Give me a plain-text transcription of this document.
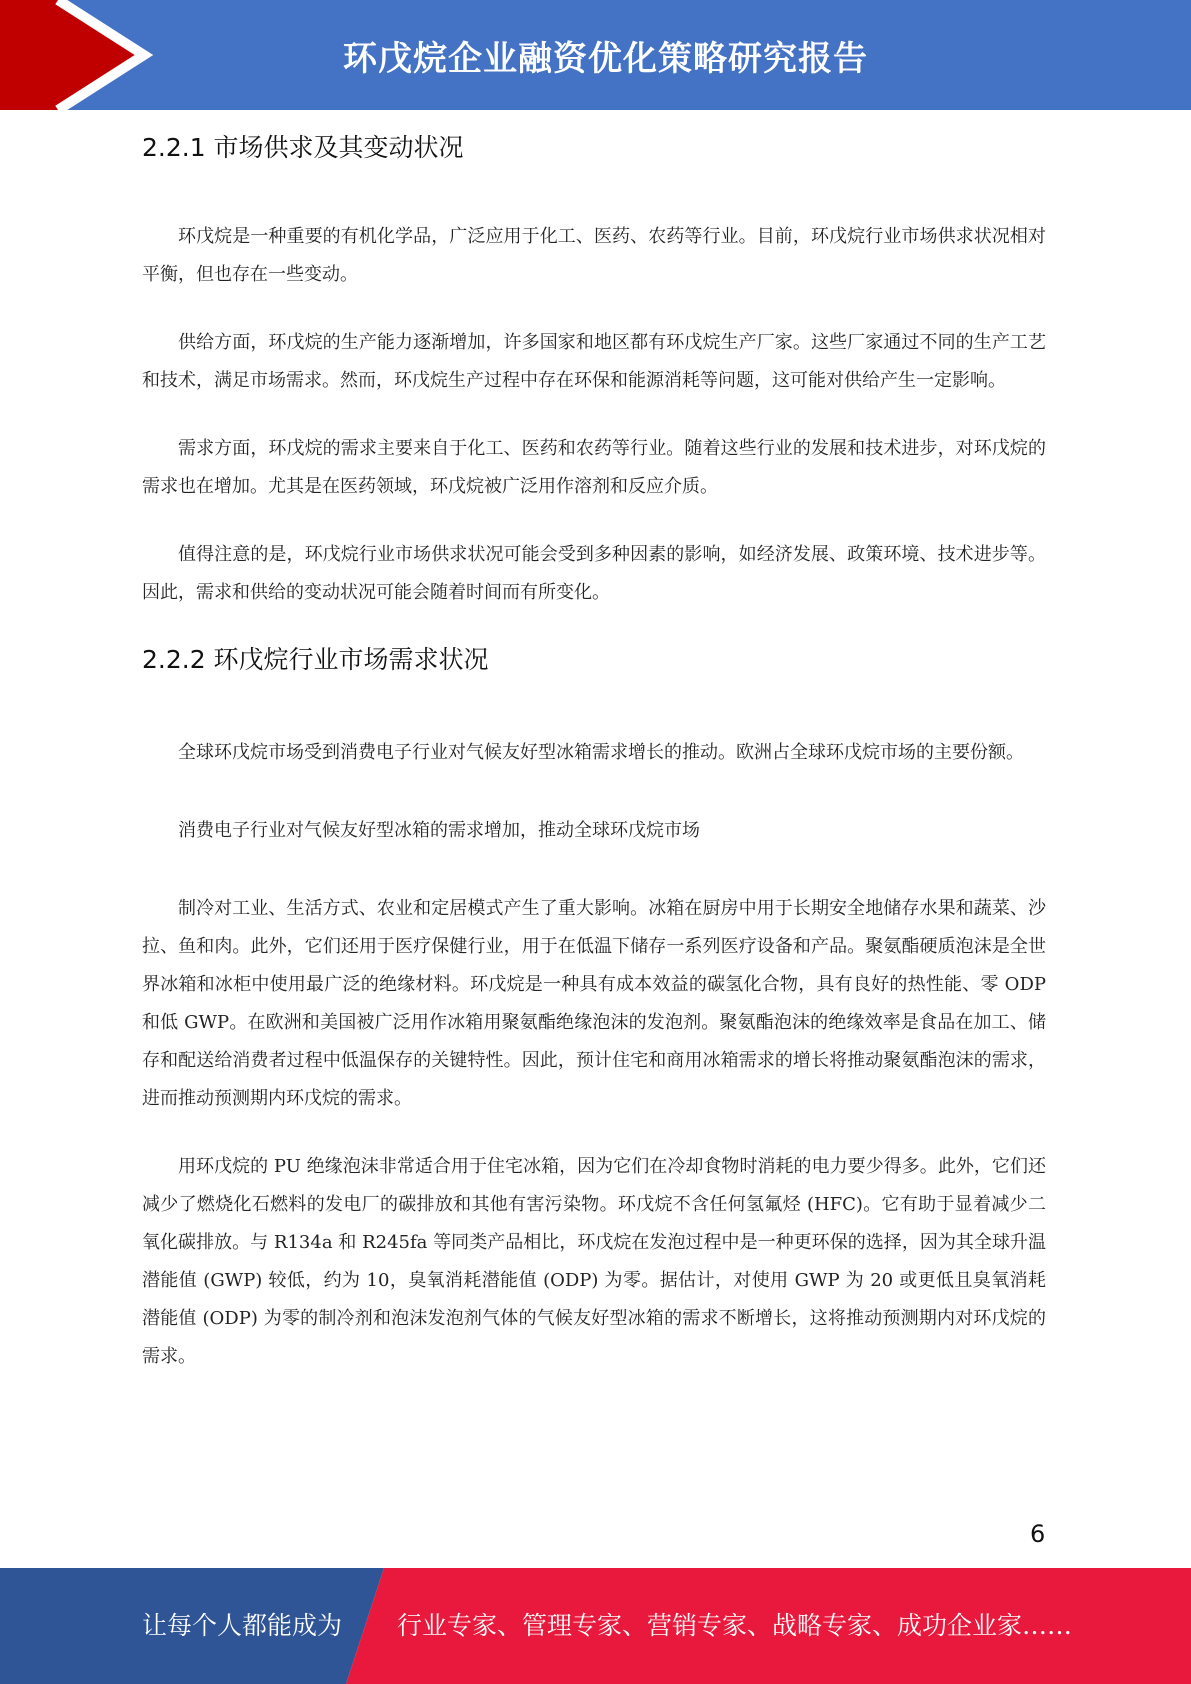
环戊烷企业融资优化策略研究报告
2.2.1 市场供求及其变动状况

环戊烷是一种重要的有机化学品，广泛应用于化工、医药、农药等行业。目前，环戊烷行业市场供求状况相对平衡，但也存在一些变动。

供给方面，环戊烷的生产能力逐渐增加，许多国家和地区都有环戊烷生产厂家。这些厂家通过不同的生产工艺和技术，满足市场需求。然而，环戊烷生产过程中存在环保和能源消耗等问题，这可能对供给产生一定影响。

需求方面，环戊烷的需求主要来自于化工、医药和农药等行业。随着这些行业的发展和技术进步，对环戊烷的需求也在增加。尤其是在医药领域，环戊烷被广泛用作溶剂和反应介质。

值得注意的是，环戊烷行业市场供求状况可能会受到多种因素的影响，如经济发展、政策环境、技术进步等。因此，需求和供给的变动状况可能会随着时间而有所变化。

2.2.2 环戊烷行业市场需求状况

全球环戊烷市场受到消费电子行业对气候友好型冰箱需求增长的推动。欧洲占全球环戊烷市场的主要份额。

消费电子行业对气候友好型冰箱的需求增加，推动全球环戊烷市场

制冷对工业、生活方式、农业和定居模式产生了重大影响。冰箱在厨房中用于长期安全地储存水果和蔬菜、沙拉、鱼和肉。此外，它们还用于医疗保健行业，用于在低温下储存一系列医疗设备和产品。聚氨酯硬质泡沫是全世界冰箱和冰柜中使用最广泛的绝缘材料。环戊烷是一种具有成本效益的碳氢化合物，具有良好的热性能、零 ODP 和低 GWP。在欧洲和美国被广泛用作冰箱用聚氨酯绝缘泡沫的发泡剂。聚氨酯泡沫的绝缘效率是食品在加工、储存和配送给消费者过程中低温保存的关键特性。因此，预计住宅和商用冰箱需求的增长将推动聚氨酯泡沫的需求，进而推动预测期内环戊烷的需求。

用环戊烷的 PU 绝缘泡沫非常适合用于住宅冰箱，因为它们在冷却食物时消耗的电力要少得多。此外，它们还减少了燃烧化石燃料的发电厂的碳排放和其他有害污染物。环戊烷不含任何氢氟烃 (HFC)。它有助于显着减少二氧化碳排放。与 R134a 和 R245fa 等同类产品相比，环戊烷在发泡过程中是一种更环保的选择，因为其全球升温潜能值 (GWP) 较低，约为 10，臭氧消耗潜能值 (ODP) 为零。据估计，对使用 GWP 为 20 或更低且臭氧消耗潜能值 (ODP) 为零的制冷剂和泡沫发泡剂气体的气候友好型冰箱的需求不断增长，这将推动预测期内对环戊烷的需求。

6
让每个人都能成为 行业专家、管理专家、营销专家、战略专家、成功企业家……
